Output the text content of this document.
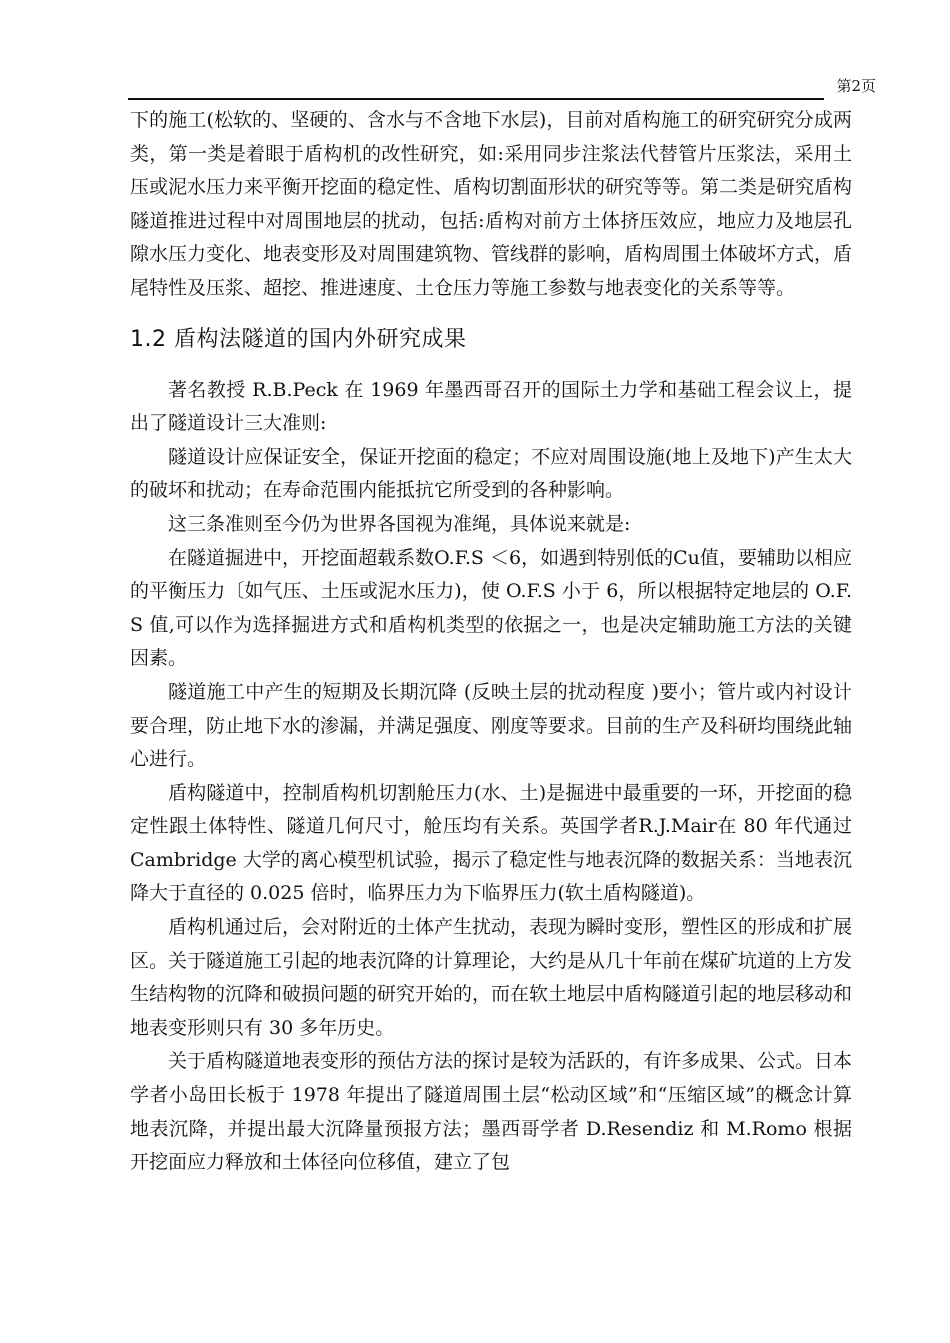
第2页

下的施工(松软的、坚硬的、含水与不含地下水层)，目前对盾构施工的研究研究分成两类，第一类是着眼于盾构机的改性研究，如:采用同步注浆法代替管片压浆法，采用土压或泥水压力来平衡开挖面的稳定性、盾构切割面形状的研究等等。第二类是研究盾构隧道推进过程中对周围地层的扰动，包括:盾构对前方土体挤压效应，地应力及地层孔隙水压力变化、地表变形及对周围建筑物、管线群的影响，盾构周围土体破坏方式，盾尾特性及压浆、超挖、推进速度、土仓压力等施工参数与地表变化的关系等等。

1.2 盾构法隧道的国内外研究成果

著名教授 R.B.Peck 在 1969 年墨西哥召开的国际土力学和基础工程会议上，提出了隧道设计三大准则:

隧道设计应保证安全，保证开挖面的稳定；不应对周围设施(地上及地下)产生太大的破坏和扰动；在寿命范围内能抵抗它所受到的各种影响。

这三条准则至今仍为世界各国视为准绳，具体说来就是:

在隧道掘进中，开挖面超载系数O.F.S ＜6，如遇到特别低的Cu值，要辅助以相应的平衡压力〔如气压、土压或泥水压力)，使 O.F.S 小于 6，所以根据特定地层的 O.F.S 值,可以作为选择掘进方式和盾构机类型的依据之一，也是决定辅助施工方法的关键因素。

隧道施工中产生的短期及长期沉降 (反映土层的扰动程度 )要小；管片或内衬设计要合理，防止地下水的渗漏，并满足强度、刚度等要求。目前的生产及科研均围绕此轴心进行。

盾构隧道中，控制盾构机切割舱压力(水、土)是掘进中最重要的一环，开挖面的稳定性跟土体特性、隧道几何尺寸，舱压均有关系。英国学者R.J.Mair在 80 年代通过 Cambridge 大学的离心模型机试验，揭示了稳定性与地表沉降的数据关系：当地表沉降大于直径的 0.025 倍时，临界压力为下临界压力(软土盾构隧道)。

盾构机通过后，会对附近的土体产生扰动，表现为瞬时变形，塑性区的形成和扩展区。关于隧道施工引起的地表沉降的计算理论，大约是从几十年前在煤矿坑道的上方发生结构物的沉降和破损问题的研究开始的，而在软土地层中盾构隧道引起的地层移动和地表变形则只有 30 多年历史。

关于盾构隧道地表变形的预估方法的探讨是较为活跃的，有许多成果、公式。日本学者小岛田长板于 1978 年提出了隧道周围土层“松动区域”和“压缩区域”的概念计算地表沉降，并提出最大沉降量预报方法；墨西哥学者 D.Resendiz 和 M.Romo 根据开挖面应力释放和土体径向位移值，建立了包
